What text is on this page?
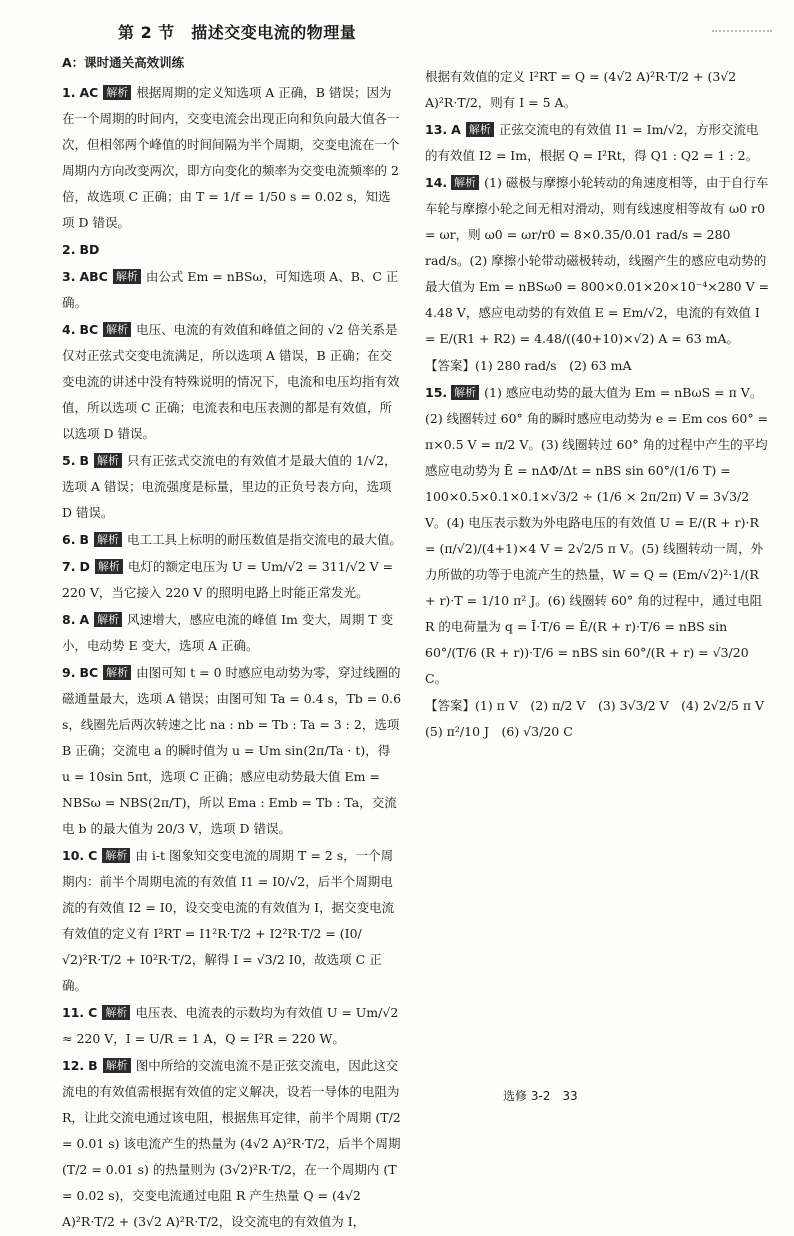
第 2 节　描述交变电流的物理量
A：课时通关高效训练
1. AC 解析 根据周期的定义知选项 A 正确，B 错误；因为在一个周期的时间内，交变电流会出现正向和负向最大值各一次，但相邻两个峰值的时间间隔为半个周期，交变电流在一个周期内方向改变两次，即方向变化的频率为交变电流频率的 2 倍，故选项 C 正确；由 T = 1/f = 1/50 s = 0.02 s，知选项 D 错误。
2. BD
3. ABC 解析 由公式 Em = nBSω，可知选项 A、B、C 正确。
4. BC 解析 电压、电流的有效值和峰值之间的 √2 倍关系是仅对正弦式交变电流满足，所以选项 A 错误，B 正确；在交变电流的讲述中没有特殊说明的情况下，电流和电压均指有效值，所以选项 C 正确；电流表和电压表测的都是有效值，所以选项 D 错误。
5. B 解析 只有正弦式交流电的有效值才是最大值的 1/√2，选项 A 错误；电流强度是标量，里边的正负号表方向，选项 D 错误。
6. B 解析 电工工具上标明的耐压数值是指交流电的最大值。
7. D 解析 电灯的额定电压为 U = Um/√2 = 311/√2 V = 220 V，当它接入 220 V 的照明电路上时能正常发光。
8. A 解析 风速增大，感应电流的峰值 Im 变大，周期 T 变小，电动势 E 变大，选项 A 正确。
9. BC 解析 由图可知 t = 0 时感应电动势为零，穿过线圈的磁通量最大，选项 A 错误；由图可知 Ta = 0.4 s，Tb = 0.6 s，线圈先后两次转速之比 na : nb = Tb : Ta = 3 : 2，选项 B 正确；交流电 a 的瞬时值为 u = Um sin(2π/Ta · t)，得 u = 10sin 5πt，选项 C 正确；感应电动势最大值 Em = NBSω = NBS(2π/T)，所以 Ema : Emb = Tb : Ta，交流电 b 的最大值为 20/3 V，选项 D 错误。
10. C 解析 由 i-t 图象知交变电流的周期 T = 2 s，一个周期内：前半个周期电流的有效值 I1 = I0/√2，后半个周期电流的有效值 I2 = I0，设交变电流的有效值为 I，据交变电流有效值的定义有 I²RT = I1²R·T/2 + I2²R·T/2 = (I0/√2)²R·T/2 + I0²R·T/2，解得 I = √3/2 I0，故选项 C 正确。
11. C 解析 电压表、电流表的示数均为有效值 U = Um/√2 ≈ 220 V，I = U/R = 1 A，Q = I²R = 220 W。
12. B 解析 图中所给的交流电流不是正弦交流电，因此这交流电的有效值需根据有效值的定义解决，设若一导体的电阻为 R，让此交流电通过该电阻，根据焦耳定律，前半个周期 (T/2 = 0.01 s) 该电流产生的热量为 (4√2 A)²R·T/2，后半个周期 (T/2 = 0.01 s) 的热量则为 (3√2)²R·T/2，在一个周期内 (T = 0.02 s)，交变电流通过电阻 R 产生热量 Q = (4√2 A)²R·T/2 + (3√2 A)²R·T/2，设交流电的有效值为 I，
根据有效值的定义 I²RT = Q = (4√2 A)²R·T/2 + (3√2 A)²R·T/2，则有 I = 5 A。
13. A 解析 正弦交流电的有效值 I1 = Im/√2，方形交流电的有效值 I2 = Im，根据 Q = I²Rt，得 Q1 : Q2 = 1 : 2。
14. 解析 (1) 磁极与摩擦小轮转动的角速度相等，由于自行车车轮与摩擦小轮之间无相对滑动，则有线速度相等故有 ω0 r0 = ωr，则 ω0 = ωr/r0 = 8×0.35/0.01 rad/s = 280 rad/s。(2) 摩擦小轮带动磁极转动，线圈产生的感应电动势的最大值为 Em = nBSω0 = 800×0.01×20×10⁻⁴×280 V = 4.48 V，感应电动势的有效值 E = Em/√2，电流的有效值 I = E/(R1 + R2) = 4.48/((40+10)×√2) A = 63 mA。
【答案】(1) 280 rad/s　(2) 63 mA
15. 解析 (1) 感应电动势的最大值为 Em = nBωS = π V。(2) 线圈转过 60° 角的瞬时感应电动势为 e = Em cos 60° = π×0.5 V = π/2 V。(3) 线圈转过 60° 角的过程中产生的平均感应电动势为 Ē = nΔΦ/Δt = nBS sin 60°/(1/6 T) = 100×0.5×0.1×0.1×√3/2 ÷ (1/6 × 2π/2π) V = 3√3/2 V。(4) 电压表示数为外电路电压的有效值 U = E/(R + r)·R = (π/√2)/(4+1)×4 V = 2√2/5 π V。(5) 线圈转动一周，外力所做的功等于电流产生的热量，W = Q = (Em/√2)²·1/(R + r)·T = 1/10 π² J。(6) 线圈转 60° 角的过程中，通过电阻 R 的电荷量为 q = Ī·T/6 = Ē/(R + r)·T/6 = nBS sin 60°/(T/6 (R + r))·T/6 = nBS sin 60°/(R + r) = √3/20 C。
【答案】(1) π V　(2) π/2 V　(3) 3√3/2 V　(4) 2√2/5 π V　(5) π²/10 J　(6) √3/20 C
选修 3-2　33
